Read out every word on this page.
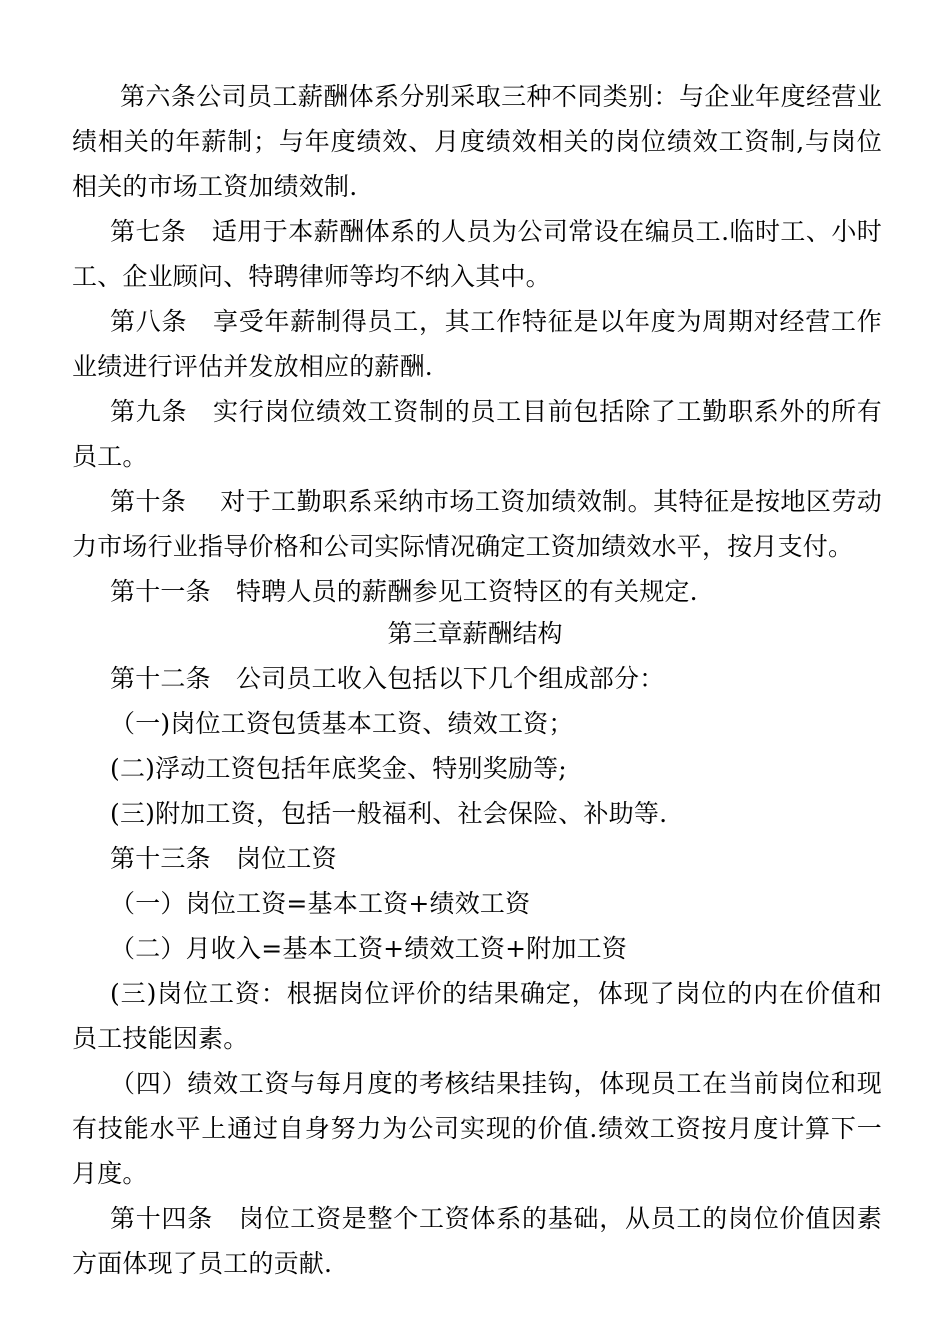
第六条公司员工薪酬体系分别采取三种不同类别：与企业年度经营业绩相关的年薪制；与年度绩效、月度绩效相关的岗位绩效工资制,与岗位相关的市场工资加绩效制.
第七条　适用于本薪酬体系的人员为公司常设在编员工.临时工、小时工、企业顾问、特聘律师等均不纳入其中。
第八条　享受年薪制得员工，其工作特征是以年度为周期对经营工作业绩进行评估并发放相应的薪酬.
第九条　实行岗位绩效工资制的员工目前包括除了工勤职系外的所有员工。
第十条　 对于工勤职系采纳市场工资加绩效制。其特征是按地区劳动力市场行业指导价格和公司实际情况确定工资加绩效水平，按月支付。
第十一条　特聘人员的薪酬参见工资特区的有关规定.
第三章薪酬结构
第十二条　公司员工收入包括以下几个组成部分：
（一)岗位工资包赁基本工资、绩效工资；
(二)浮动工资包括年底奖金、特别奖励等;
(三)附加工资，包括一般福利、社会保险、补助等.
第十三条　岗位工资
（一）岗位工资=基本工资+绩效工资
（二）月收入=基本工资+绩效工资+附加工资
(三)岗位工资：根据岗位评价的结果确定，体现了岗位的内在价值和员工技能因素。
（四）绩效工资与每月度的考核结果挂钩，体现员工在当前岗位和现有技能水平上通过自身努力为公司实现的价值.绩效工资按月度计算下一月度。
第十四条　岗位工资是整个工资体系的基础，从员工的岗位价值因素方面体现了员工的贡献.
